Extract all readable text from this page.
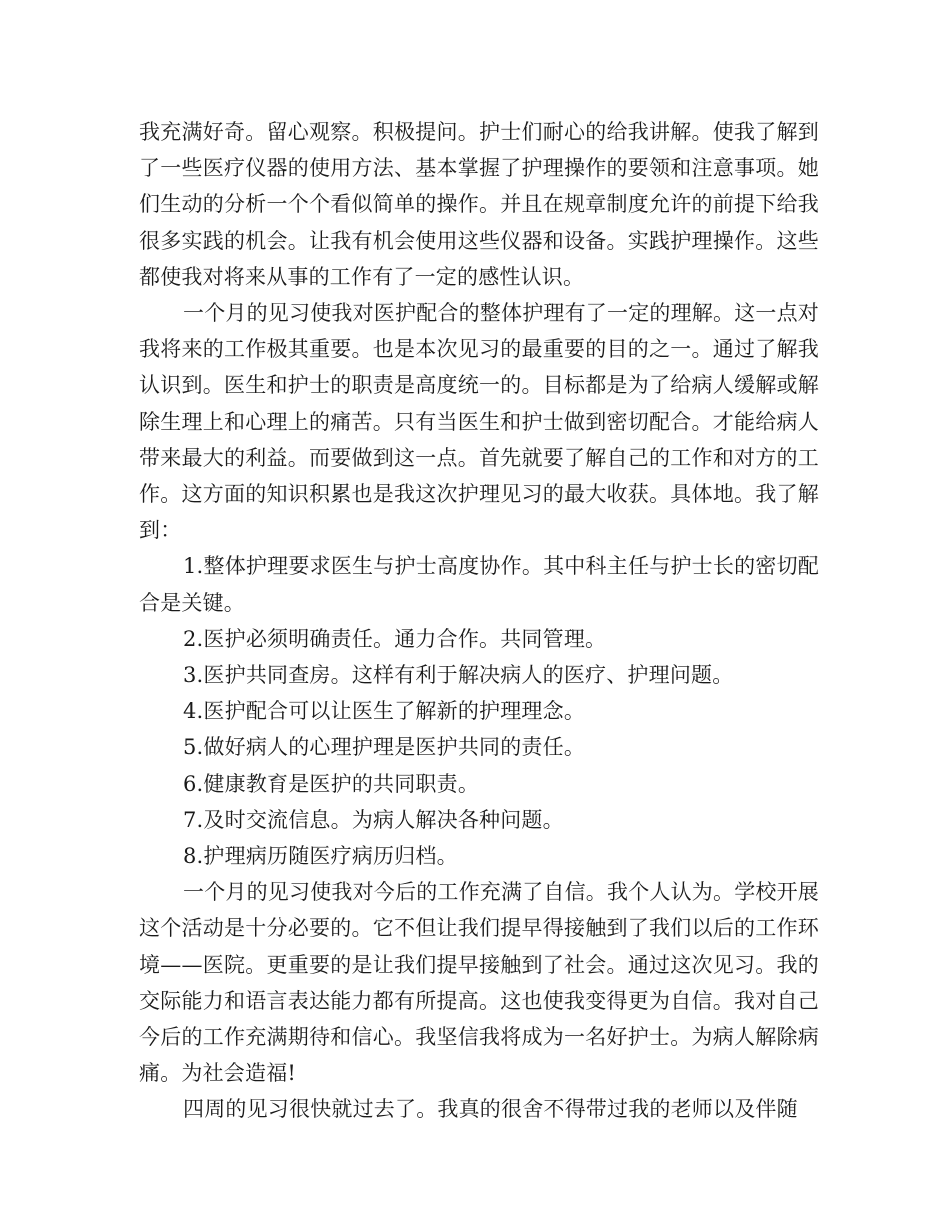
我充满好奇。留心观察。积极提问。护士们耐心的给我讲解。使我了解到了一些医疗仪器的使用方法、基本掌握了护理操作的要领和注意事项。她们生动的分析一个个看似简单的操作。并且在规章制度允许的前提下给我很多实践的机会。让我有机会使用这些仪器和设备。实践护理操作。这些都使我对将来从事的工作有了一定的感性认识。

一个月的见习使我对医护配合的整体护理有了一定的理解。这一点对我将来的工作极其重要。也是本次见习的最重要的目的之一。通过了解我认识到。医生和护士的职责是高度统一的。目标都是为了给病人缓解或解除生理上和心理上的痛苦。只有当医生和护士做到密切配合。才能给病人带来最大的利益。而要做到这一点。首先就要了解自己的工作和对方的工作。这方面的知识积累也是我这次护理见习的最大收获。具体地。我了解到：

1.整体护理要求医生与护士高度协作。其中科主任与护士长的密切配合是关键。

2.医护必须明确责任。通力合作。共同管理。

3.医护共同查房。这样有利于解决病人的医疗、护理问题。

4.医护配合可以让医生了解新的护理理念。

5.做好病人的心理护理是医护共同的责任。

6.健康教育是医护的共同职责。

7.及时交流信息。为病人解决各种问题。

8.护理病历随医疗病历归档。

一个月的见习使我对今后的工作充满了自信。我个人认为。学校开展这个活动是十分必要的。它不但让我们提早得接触到了我们以后的工作环境——医院。更重要的是让我们提早接触到了社会。通过这次见习。我的交际能力和语言表达能力都有所提高。这也使我变得更为自信。我对自己今后的工作充满期待和信心。我坚信我将成为一名好护士。为病人解除病痛。为社会造福!

四周的见习很快就过去了。我真的很舍不得带过我的老师以及伴随
